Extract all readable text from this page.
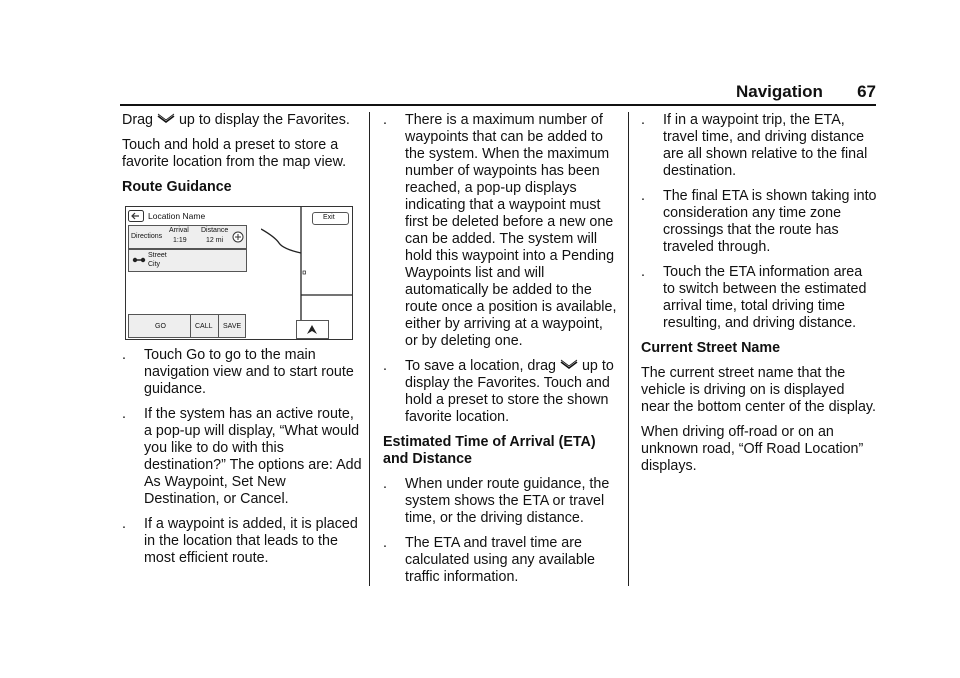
Navigation 67

Drag up to display the Favorites.

Touch and hold a preset to store a favorite location from the map view.

Route Guidance

Location Name
Directions
Arrival
1:19
Distance
12 mi
Street
City
GO	CALL SAVE
Exit
. Touch Go to go to the main navigation view and to start route guidance.
. If the system has an active route, a pop-up will display, “What would you like to do with this destination?” The options are: Add As Waypoint, Set New Destination, or Cancel.
. If a waypoint is added, it is placed in the location that leads to the most efficient route.
. There is a maximum number of waypoints that can be added to the system. When the maximum number of waypoints has been reached, a pop-up displays indicating that a waypoint must first be deleted before a new one can be added. The system will hold this waypoint into a Pending Waypoints list and will automatically be added to the route once a position is available, either by arriving at a waypoint, or by deleting one.
. To save a location, drag up to display the Favorites. Touch and hold a preset to store the shown favorite location.

Estimated Time of Arrival (ETA) and Distance

. When under route guidance, the system shows the ETA or travel time, or the driving distance.
. The ETA and travel time are calculated using any available traffic information.
. If in a waypoint trip, the ETA, travel time, and driving distance are all shown relative to the final destination.
. The final ETA is shown taking into consideration any time zone crossings that the route has traveled through.
. Touch the ETA information area to switch between the estimated arrival time, total driving time resulting, and driving distance.

Current Street Name

The current street name that the vehicle is driving on is displayed near the bottom center of the display.

When driving off-road or on an unknown road, “Off Road Location” displays.
